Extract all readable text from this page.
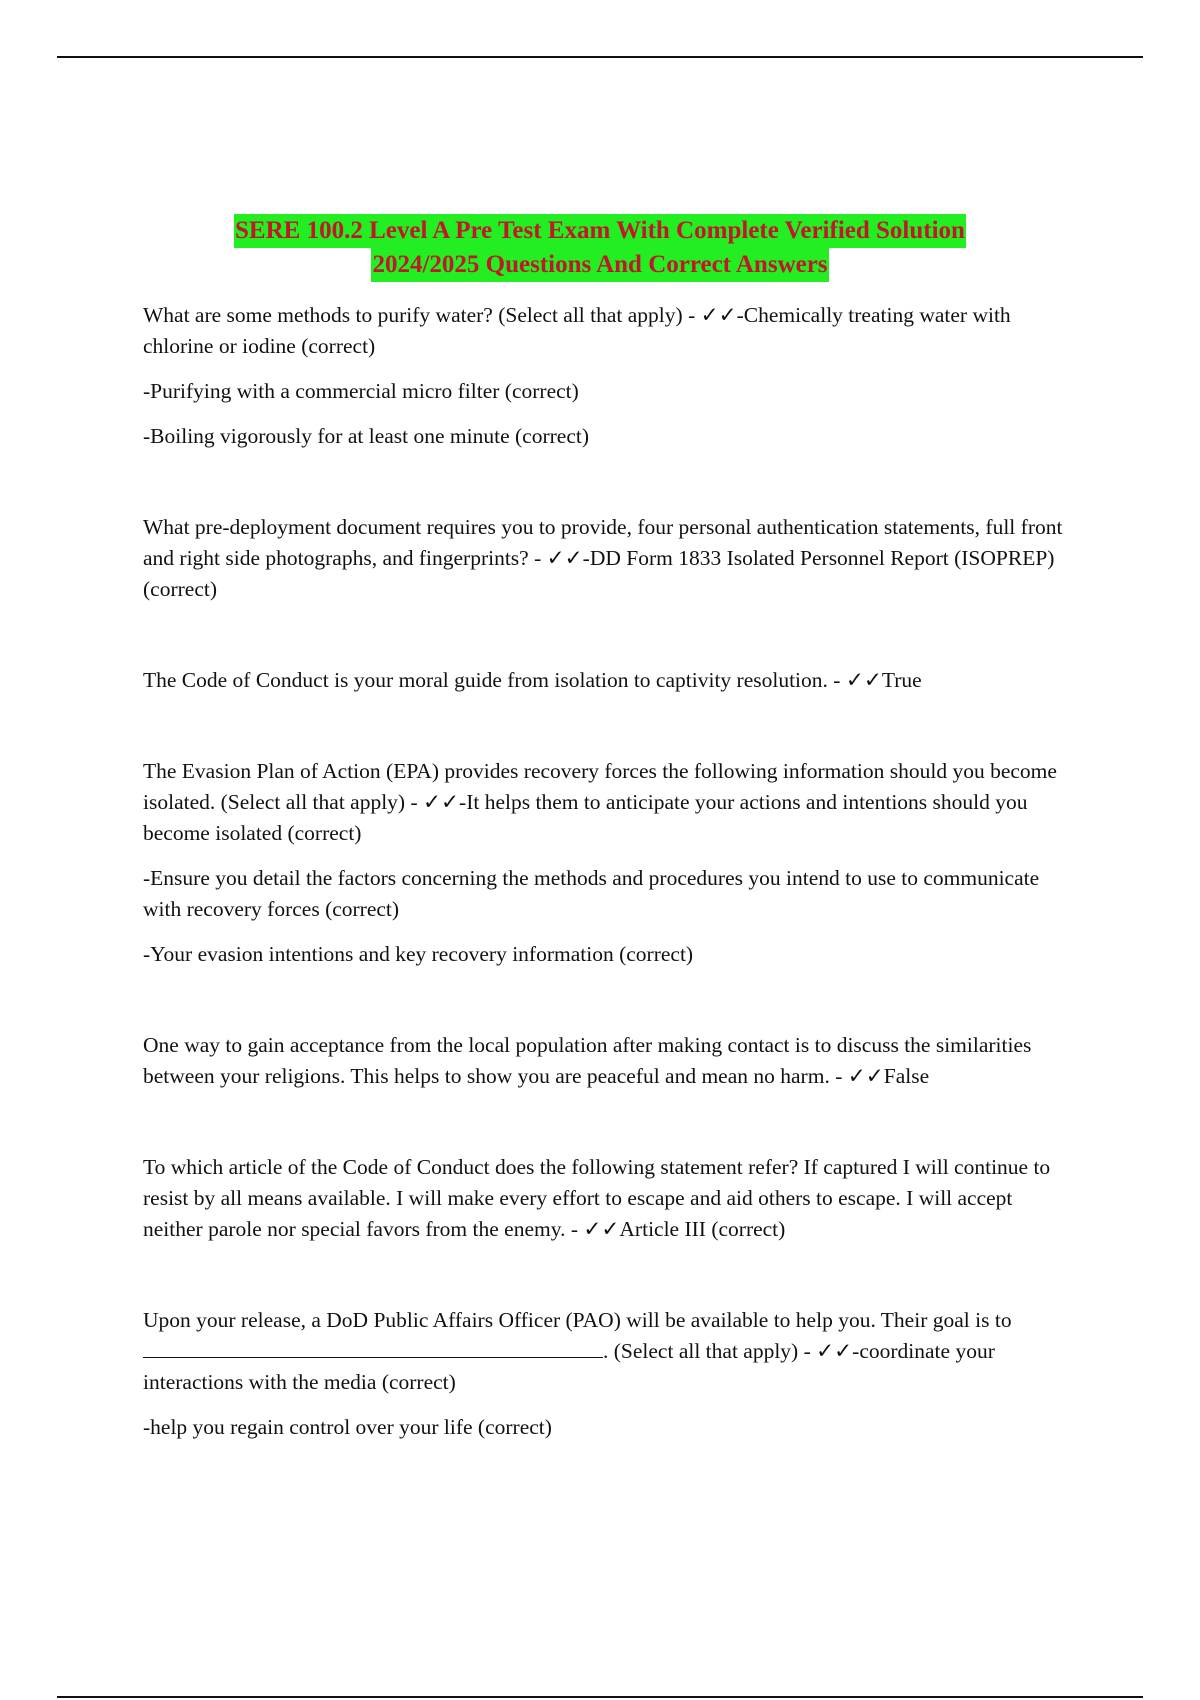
SERE 100.2 Level A Pre Test Exam With Complete Verified Solution
2024/2025 Questions And Correct Answers

What are some methods to purify water? (Select all that apply) - ✓✓-Chemically treating water with chlorine or iodine (correct)

-Purifying with a commercial micro filter (correct)

-Boiling vigorously for at least one minute (correct)

What pre-deployment document requires you to provide, four personal authentication statements, full front and right side photographs, and fingerprints? - ✓✓-DD Form 1833 Isolated Personnel Report (ISOPREP) (correct)

The Code of Conduct is your moral guide from isolation to captivity resolution. - ✓✓True

The Evasion Plan of Action (EPA) provides recovery forces the following information should you become isolated. (Select all that apply) - ✓✓-It helps them to anticipate your actions and intentions should you become isolated (correct)

-Ensure you detail the factors concerning the methods and procedures you intend to use to communicate with recovery forces (correct)

-Your evasion intentions and key recovery information (correct)

One way to gain acceptance from the local population after making contact is to discuss the similarities between your religions. This helps to show you are peaceful and mean no harm. - ✓✓False

To which article of the Code of Conduct does the following statement refer? If captured I will continue to resist by all means available. I will make every effort to escape and aid others to escape. I will accept neither parole nor special favors from the enemy. - ✓✓Article III (correct)

Upon your release, a DoD Public Affairs Officer (PAO) will be available to help you. Their goal is to. (Select all that apply) - ✓✓-coordinate your interactions with the media (correct)

-help you regain control over your life (correct)
